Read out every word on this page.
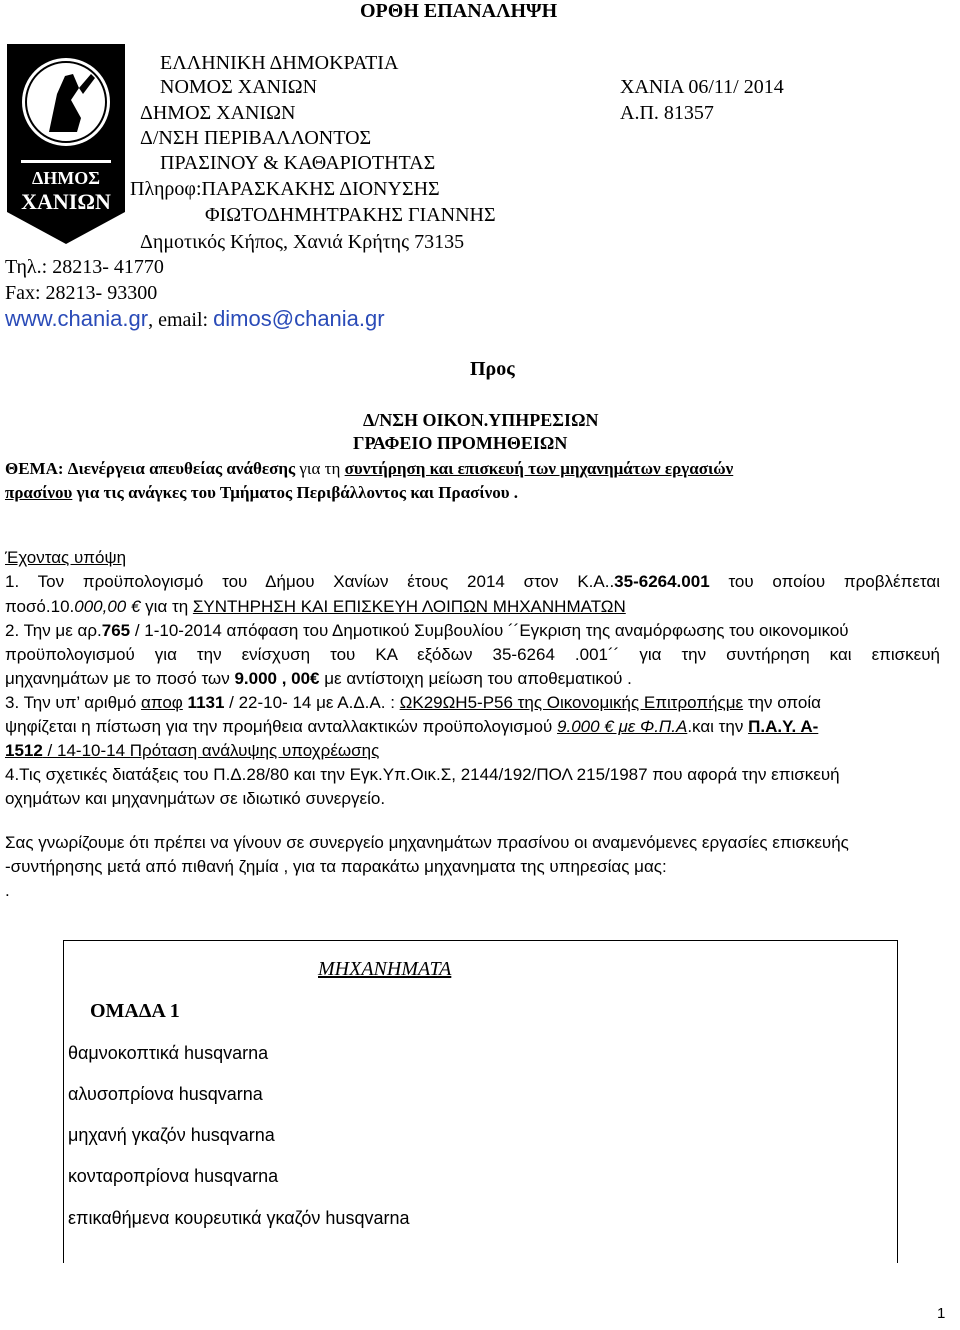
ΟΡΘΗ ΕΠΑΝΑΛΗΨΗ
ΔΗΜΟΣ
ΧΑΝΙΩΝ
ΕΛΛΗΝΙΚΗ ΔΗΜΟΚΡΑΤΙΑ
ΝΟΜΟΣ ΧΑΝΙΩΝ	ΧΑΝΙΑ 06/11/ 2014
ΔΗΜΟΣ ΧΑΝΙΩΝ	Α.Π. 81357
Δ/ΝΣΗ ΠΕΡΙΒΑΛΛΟΝΤΟΣ
ΠΡΑΣΙΝΟΥ & ΚΑΘΑΡΙΟΤΗΤΑΣ
Πληροφ:ΠΑΡΑΣΚΑΚΗΣ ΔΙΟΝΥΣΗΣ
ΦΙΩΤΟΔΗΜΗΤΡΑΚΗΣ ΓΙΑΝΝΗΣ
Δημοτικός Κήπος, Χανιά Κρήτης 73135
Τηλ.: 28213- 41770
Fax: 28213- 93300
www.chania.gr, email: dimos@chania.gr
Προς
Δ/ΝΣΗ ΟΙΚΟΝ.ΥΠΗΡΕΣΙΩΝ
ΓΡΑΦΕΙΟ ΠΡΟΜΗΘΕΙΩΝ
ΘΕΜΑ: Διενέργεια απευθείας ανάθεσης για τη συντήρηση και επισκευή των μηχανημάτων εργασιών
πρασίνου για τις ανάγκες του Τμήματος Περιβάλλοντος και Πρασίνου .
Έχοντας υπόψη
1. Τον προϋπολογισμό του Δήμου Χανίων έτους 2014 στον Κ.Α..35-6264.001 του οποίου προβλέπεται
ποσό.10.000,00 € για τη ΣΥΝΤΗΡΗΣΗ ΚΑΙ ΕΠΙΣΚΕΥΗ ΛΟΙΠΩΝ ΜΗΧΑΝΗΜΑΤΩΝ
2. Την με αρ.765 / 1-10-2014 απόφαση του Δημοτικού Συμβουλίου ´´Εγκριση της αναμόρφωσης του οικονομικού
προϋπολογισμού για την ενίσχυση του ΚΑ εξόδων 35-6264 .001´´ για την συντήρηση και επισκευή
μηχανημάτων με το ποσό των 9.000 , 00€ με αντίστοιχη μείωση του αποθεματικού .
3. Την υπ’ αριθμό αποφ 1131 / 22-10- 14 με Α.Δ.Α. : ΩΚ29ΩΗ5-Ρ56 της Οικονομικής Επιτροπήςμε την οποία
ψηφίζεται η πίστωση για την προμήθεια ανταλλακτικών προϋπολογισμού 9.000 € με Φ.Π.Α.και την Π.Α.Υ. Α-
1512 / 14-10-14 Πρόταση ανάλυψης υποχρέωσης
4.Τις σχετικές διατάξεις του Π.Δ.28/80 και την Εγκ.Υπ.Οικ.Σ, 2144/192/ΠΟΛ 215/1987 που αφορά την επισκευή
οχημάτων και μηχανημάτων σε ιδιωτικό συνεργείο.
Σας γνωρίζουμε ότι πρέπει να γίνουν σε συνεργείο μηχανημάτων πρασίνου οι αναμενόμενες εργασίες επισκευής
-συντήρησης μετά από πιθανή ζημία , για τα παρακάτω μηχανηματα της υπηρεσίας μας:
.
ΜΗΧΑΝΗΜΑΤΑ
ΟΜΑΔΑ 1
θαμνοκοπτικά husqvarna
αλυσοπρίονα husqvarna
μηχανή γκαζόν husqvarna
κονταροπρίονα husqvarna
επικαθήμενα κουρευτικά γκαζόν husqvarna
1
